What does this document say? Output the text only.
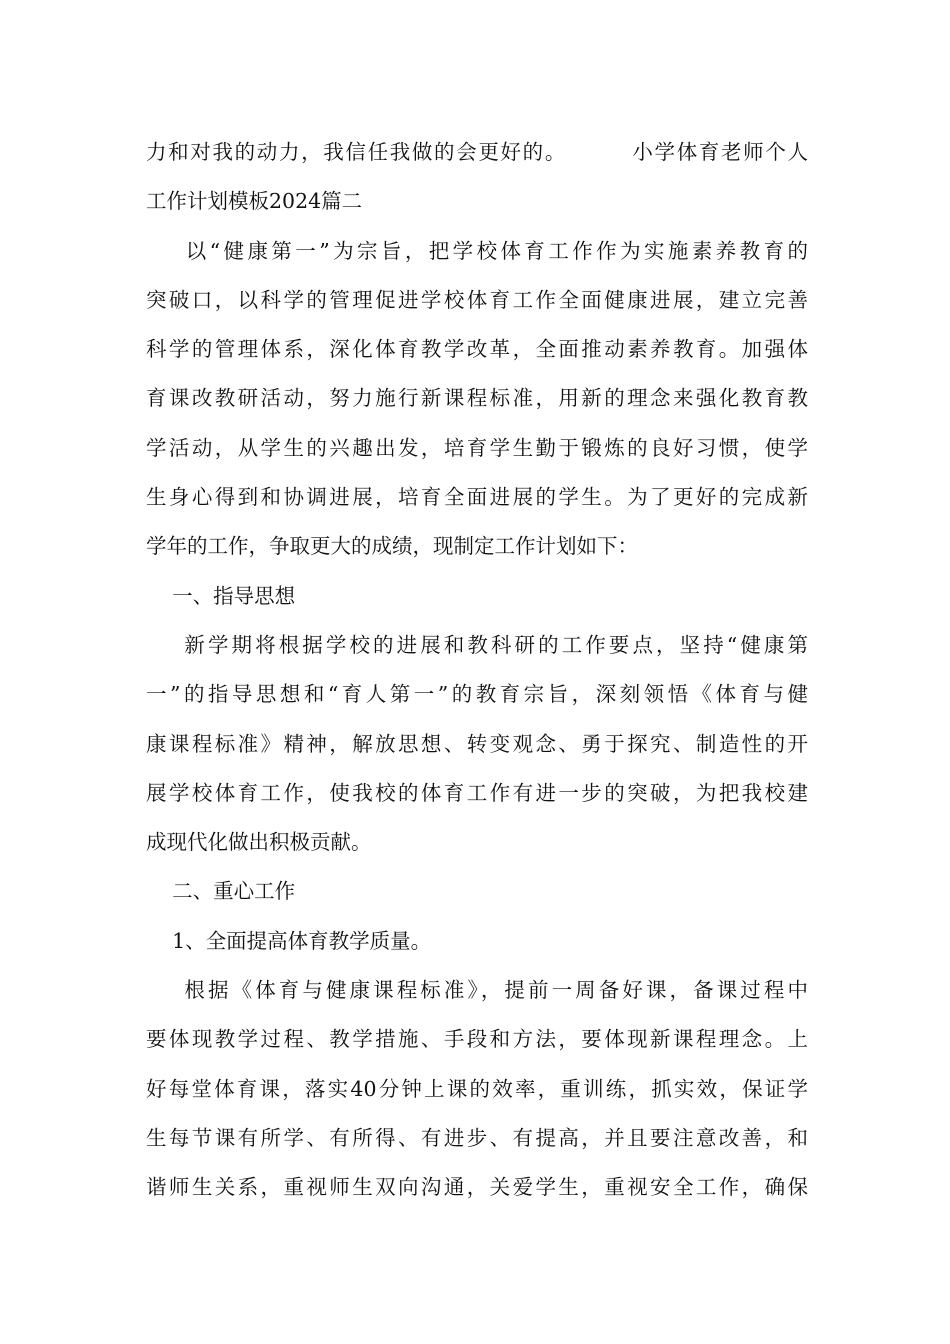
力和对我的动力，我信任我做的会更好的。        小学体育老师个人
工作计划模板2024篇二
以“健康第一”为宗旨，把学校体育工作作为实施素养教育的
突破口，以科学的管理促进学校体育工作全面健康进展，建立完善
科学的管理体系，深化体育教学改革，全面推动素养教育。加强体
育课改教研活动，努力施行新课程标准，用新的理念来强化教育教
学活动，从学生的兴趣出发，培育学生勤于锻炼的良好习惯，使学
生身心得到和协调进展，培育全面进展的学生。为了更好的完成新
学年的工作，争取更大的成绩，现制定工作计划如下：
一、指导思想
新学期将根据学校的进展和教科研的工作要点，坚持“健康第
一”的指导思想和“育人第一”的教育宗旨，深刻领悟《体育与健
康课程标准》精神，解放思想、转变观念、勇于探究、制造性的开
展学校体育工作，使我校的体育工作有进一步的突破，为把我校建
成现代化做出积极贡献。
二、重心工作
1、全面提高体育教学质量。
根据《体育与健康课程标准》，提前一周备好课，备课过程中
要体现教学过程、教学措施、手段和方法，要体现新课程理念。上
好每堂体育课，落实40分钟上课的效率，重训练，抓实效，保证学
生每节课有所学、有所得、有进步、有提高，并且要注意改善，和
谐师生关系，重视师生双向沟通，关爱学生，重视安全工作，确保
